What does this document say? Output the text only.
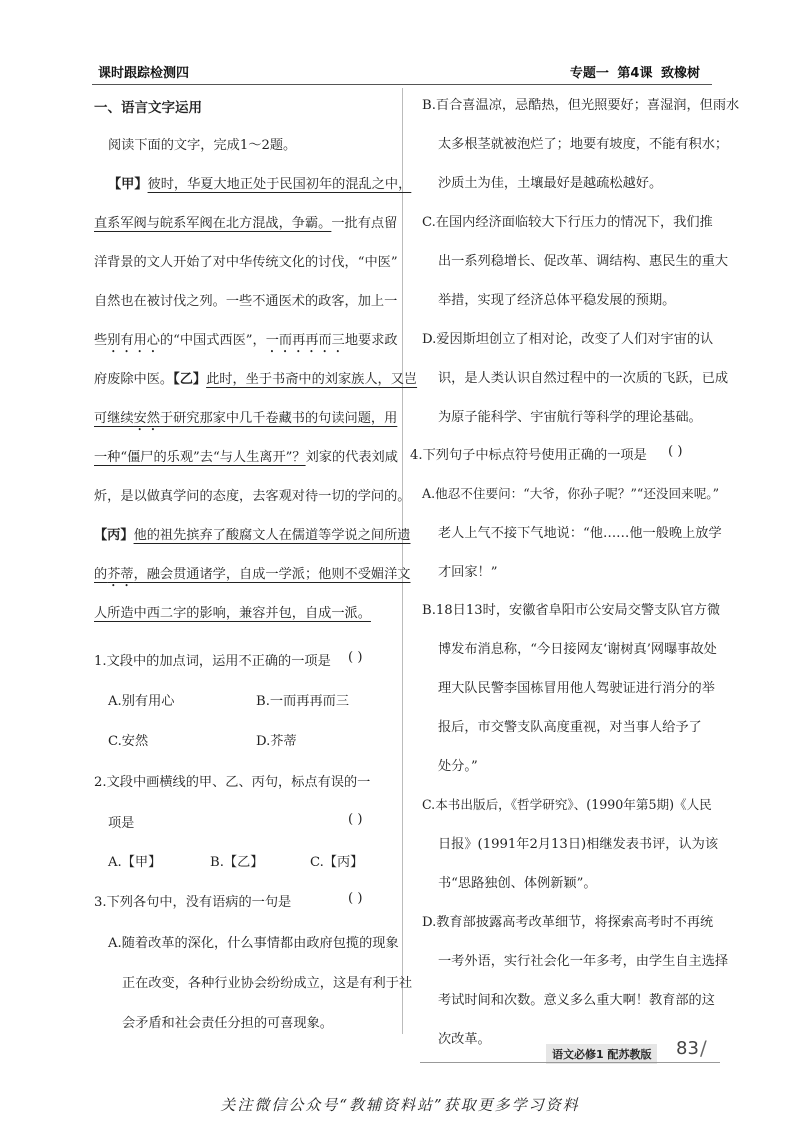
课时跟踪检测四	专题一 第4课 致橡树
一、语言文字运用
阅读下面的文字，完成1～2题。
【甲】彼时，华夏大地正处于民国初年的混乱之中，
直系军阀与皖系军阀在北方混战，争霸。一批有点留
洋背景的文人开始了对中华传统文化的讨伐，“中医”
自然也在被讨伐之列。一些不通医术的政客，加上一
些别有用心的“中国式西医”，一而再再而三地要求政
府废除中医。【乙】此时，坐于书斋中的刘家族人，又岂
可继续安然于研究那家中几千卷藏书的句读问题，用
一种“僵尸的乐观”去“与人生离开”？刘家的代表刘咸
炘，是以做真学问的态度，去客观对待一切的学问的。
【丙】他的祖先摈弃了酸腐文人在儒道等学说之间所遗
的芥蒂，融会贯通诸学，自成一学派；他则不受媚洋文
人所造中西二字的影响，兼容并包，自成一派。
1.文段中的加点词，运用不正确的一项是 ( )
A.别有用心	B.一而再再而三
C.安然	D.芥蒂
2.文段中画横线的甲、乙、丙句，标点有误的一
项是	( )
A.【甲】	B.【乙】	C.【丙】
3.下列各句中，没有语病的一句是	( )
A.随着改革的深化，什么事情都由政府包揽的现象
正在改变，各种行业协会纷纷成立，这是有利于社
会矛盾和社会责任分担的可喜现象。
B.百合喜温凉，忌酷热，但光照要好；喜湿润，但雨水
太多根茎就被泡烂了；地要有坡度，不能有积水；
沙质土为佳，土壤最好是越疏松越好。
C.在国内经济面临较大下行压力的情况下，我们推
出一系列稳增长、促改革、调结构、惠民生的重大
举措，实现了经济总体平稳发展的预期。
D.爱因斯坦创立了相对论，改变了人们对宇宙的认
识，是人类认识自然过程中的一次质的飞跃，已成
为原子能科学、宇宙航行等科学的理论基础。
4.下列句子中标点符号使用正确的一项是 ( )
A.他忍不住要问：“大爷，你孙子呢？”“还没回来呢。”
老人上气不接下气地说：“他……他一般晚上放学
才回家！”
B.18日13时，安徽省阜阳市公安局交警支队官方微
博发布消息称，“今日接网友‘谢树真’网曝事故处
理大队民警李国栋冒用他人驾驶证进行消分的举
报后，市交警支队高度重视，对当事人给予了
处分。”
C.本书出版后，《哲学研究》、(1990年第5期)《人民
日报》(1991年2月13日)相继发表书评，认为该
书“思路独创、体例新颖”。
D.教育部披露高考改革细节，将探索高考时不再统
一考外语，实行社会化一年多考，由学生自主选择
考试时间和次数。意义多么重大啊！教育部的这
次改革。
语文必修1 配苏教版	83 /
关注微信公众号“教辅资料站”获取更多学习资料
